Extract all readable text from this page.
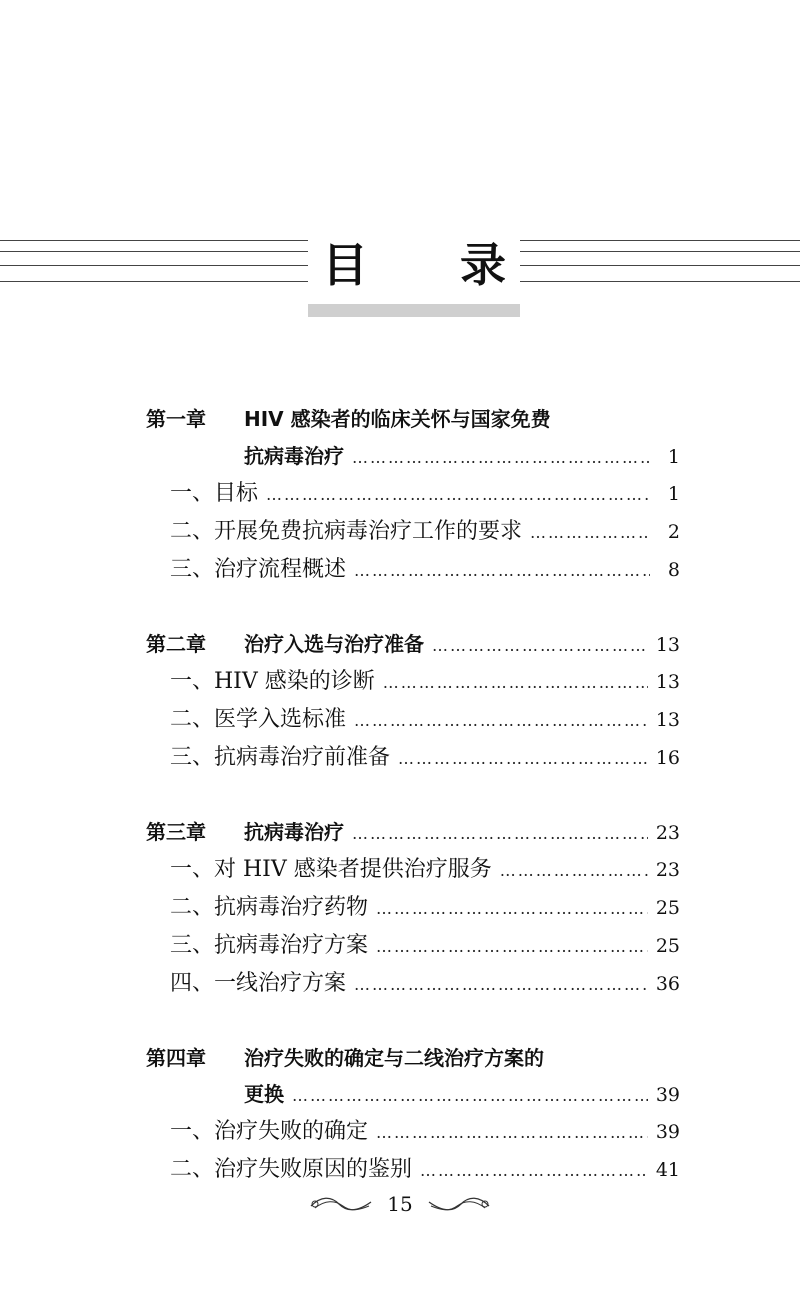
目 录
第一章	HIV 感染者的临床关怀与国家免费
抗病毒治疗 ……………………………………………………………………………………………………………………………………	1
一、目标 ……………………………………………………………………………………………………………………………………	1
二、开展免费抗病毒治疗工作的要求 ……………………………………………………………………………………………………………………………………	2
三、治疗流程概述 ……………………………………………………………………………………………………………………………………	8
第二章	治疗入选与治疗准备 ……………………………………………………………………………………………………………………………………	13
一、HIV 感染的诊断 ……………………………………………………………………………………………………………………………………	13
二、医学入选标准 ……………………………………………………………………………………………………………………………………	13
三、抗病毒治疗前准备 ……………………………………………………………………………………………………………………………………	16
第三章	抗病毒治疗 ……………………………………………………………………………………………………………………………………	23
一、对 HIV 感染者提供治疗服务 ……………………………………………………………………………………………………………………………………	23
二、抗病毒治疗药物 ……………………………………………………………………………………………………………………………………	25
三、抗病毒治疗方案 ……………………………………………………………………………………………………………………………………	25
四、一线治疗方案 ……………………………………………………………………………………………………………………………………	36
第四章	治疗失败的确定与二线治疗方案的
更换 ……………………………………………………………………………………………………………………………………	39
一、治疗失败的确定 ……………………………………………………………………………………………………………………………………	39
二、治疗失败原因的鉴别 ……………………………………………………………………………………………………………………………………	41
15
